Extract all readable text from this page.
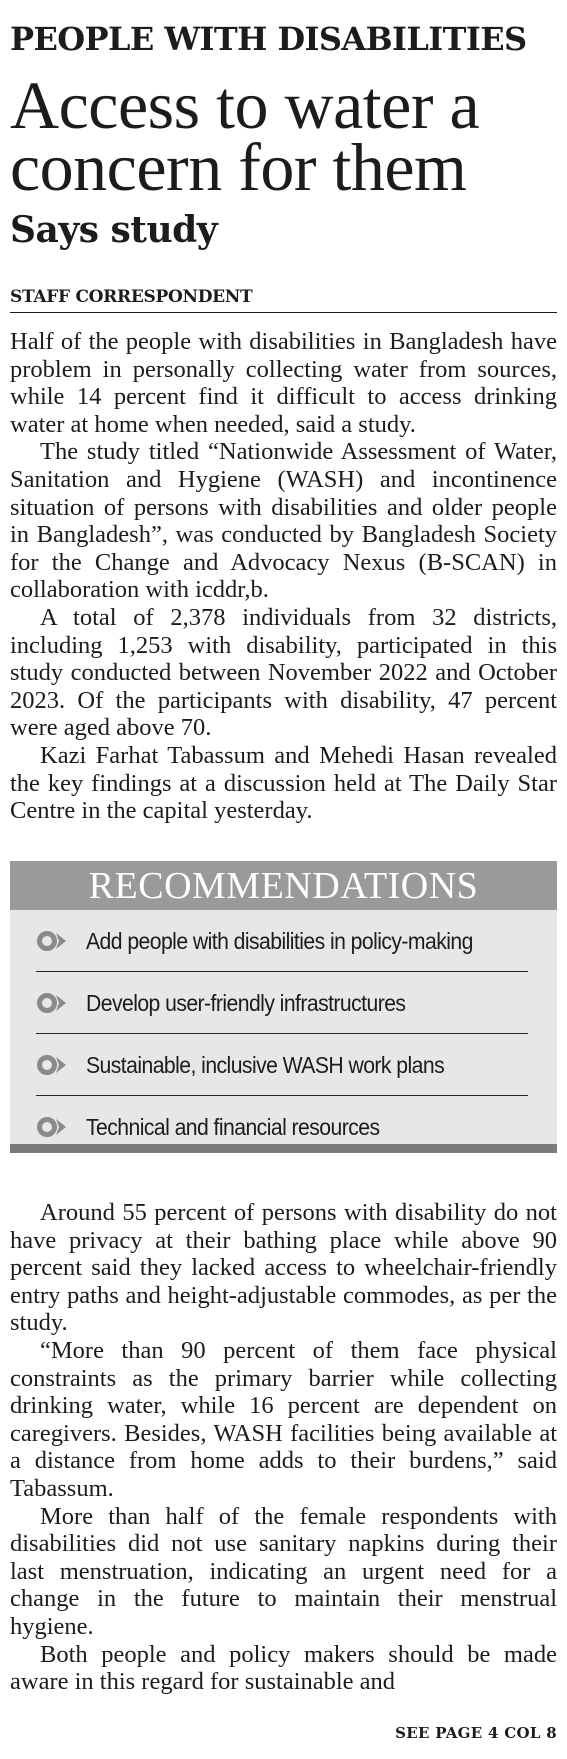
PEOPLE WITH DISABILITIES
Access to water a concern for them
Says study
STAFF CORRESPONDENT

Half of the people with disabilities in Bangladesh have problem in personally collecting water from sources, while 14 percent find it difficult to access drinking water at home when needed, said a study.

The study titled “Nationwide Assessment of Water, Sanitation and Hygiene (WASH) and incontinence situation of persons with disabilities and older people in Bangladesh”, was conducted by Bangladesh Society for the Change and Advocacy Nexus (B-SCAN) in collaboration with icddr,b.

A total of 2,378 individuals from 32 districts, including 1,253 with disability, participated in this study conducted between November 2022 and October 2023. Of the participants with disability, 47 percent were aged above 70.

Kazi Farhat Tabassum and Mehedi Hasan revealed the key findings at a discussion held at The Daily Star Centre in the capital yesterday.

RECOMMENDATIONS
Add people with disabilities in policy-making
Develop user-friendly infrastructures
Sustainable, inclusive WASH work plans
Technical and financial resources

Around 55 percent of persons with disability do not have privacy at their bathing place while above 90 percent said they lacked access to wheelchair-friendly entry paths and height-adjustable commodes, as per the study.

“More than 90 percent of them face physical constraints as the primary barrier while collecting drinking water, while 16 percent are dependent on caregivers. Besides, WASH facilities being available at a distance from home adds to their burdens,” said Tabassum.

More than half of the female respondents with disabilities did not use sanitary napkins during their last menstruation, indicating an urgent need for a change in the future to maintain their menstrual hygiene.

Both people and policy makers should be made aware in this regard for sustainable and

SEE PAGE 4 COL 8
